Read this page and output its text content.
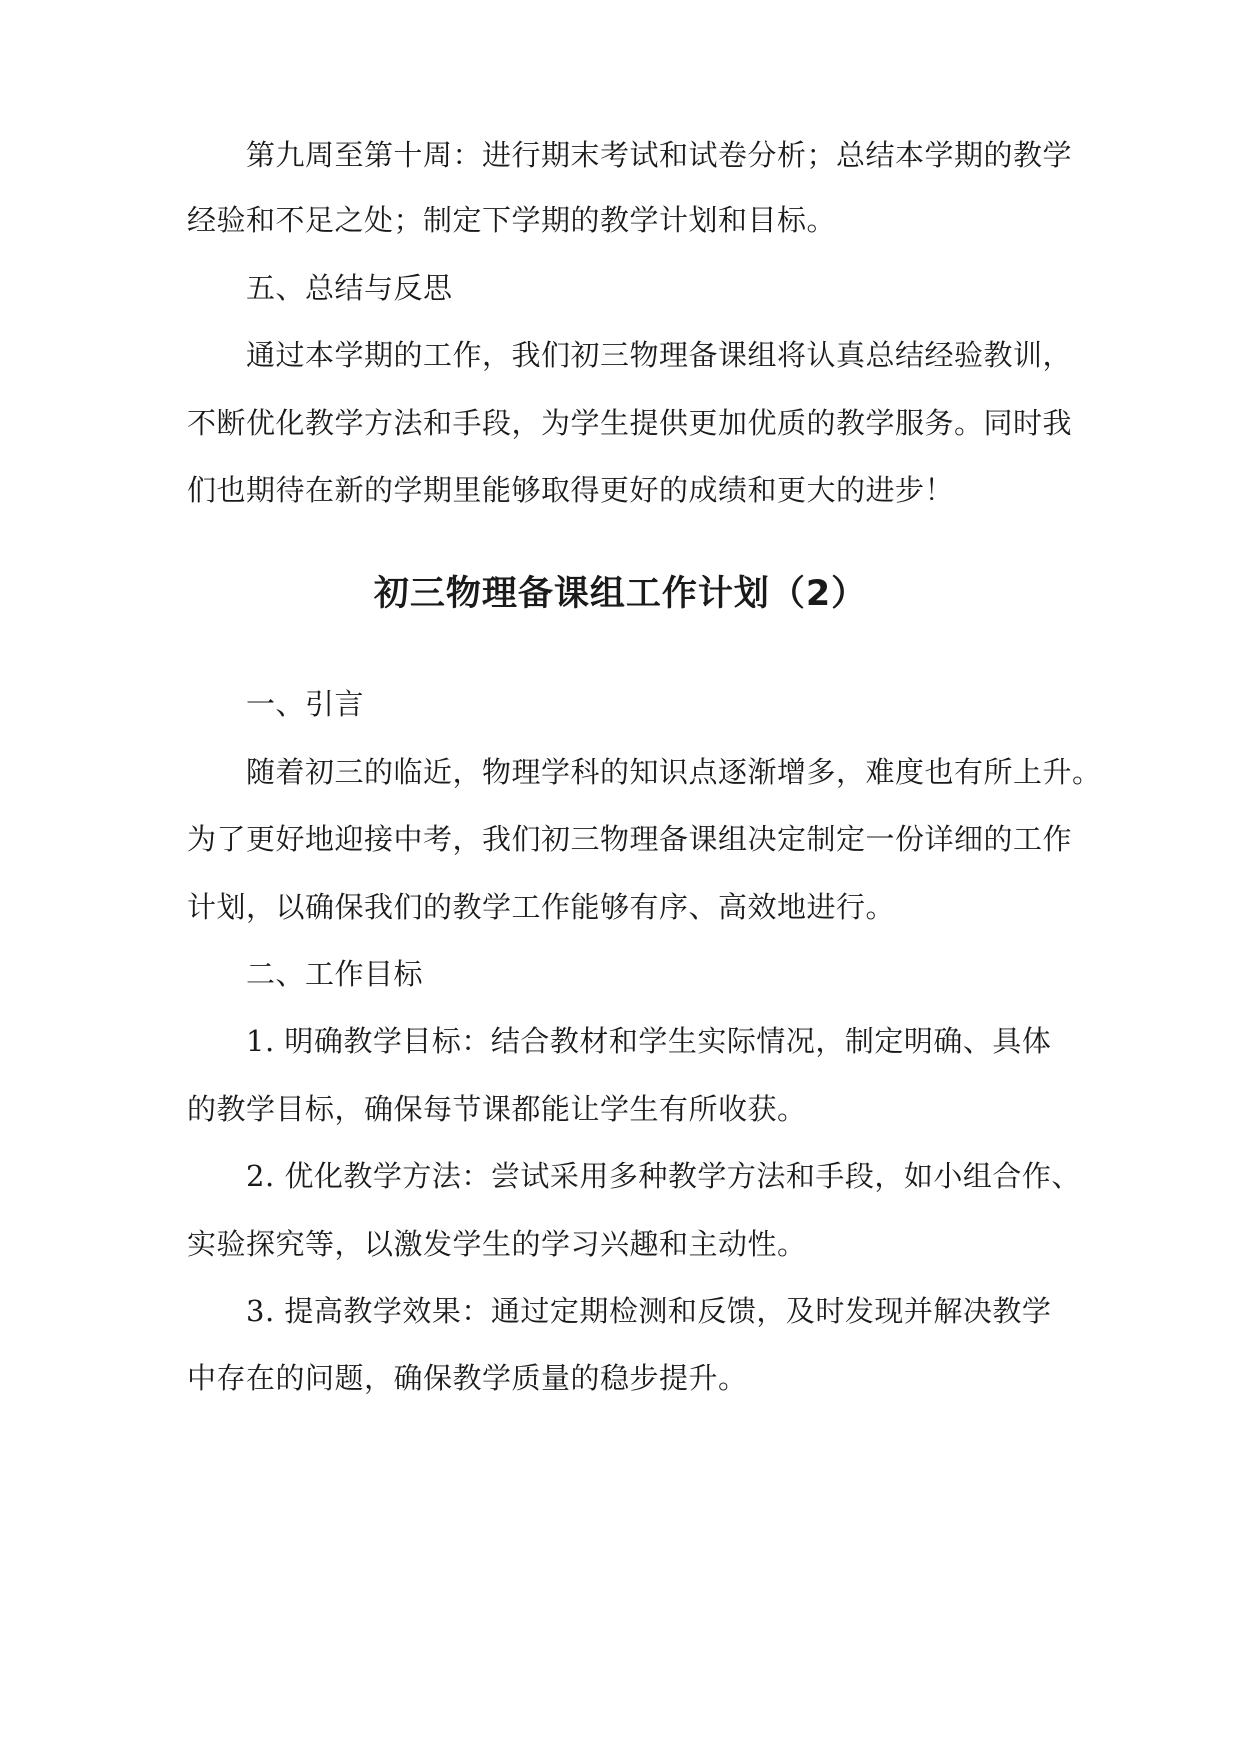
第九周至第十周：进行期末考试和试卷分析；总结本学期的教学
经验和不足之处；制定下学期的教学计划和目标。
五、总结与反思
通过本学期的工作，我们初三物理备课组将认真总结经验教训，
不断优化教学方法和手段，为学生提供更加优质的教学服务。同时我
们也期待在新的学期里能够取得更好的成绩和更大的进步！
初三物理备课组工作计划（2）
一、引言
随着初三的临近，物理学科的知识点逐渐增多，难度也有所上升。
为了更好地迎接中考，我们初三物理备课组决定制定一份详细的工作
计划，以确保我们的教学工作能够有序、高效地进行。
二、工作目标
1. 明确教学目标：结合教材和学生实际情况，制定明确、具体
的教学目标，确保每节课都能让学生有所收获。
2. 优化教学方法：尝试采用多种教学方法和手段，如小组合作、
实验探究等，以激发学生的学习兴趣和主动性。
3. 提高教学效果：通过定期检测和反馈，及时发现并解决教学
中存在的问题，确保教学质量的稳步提升。
